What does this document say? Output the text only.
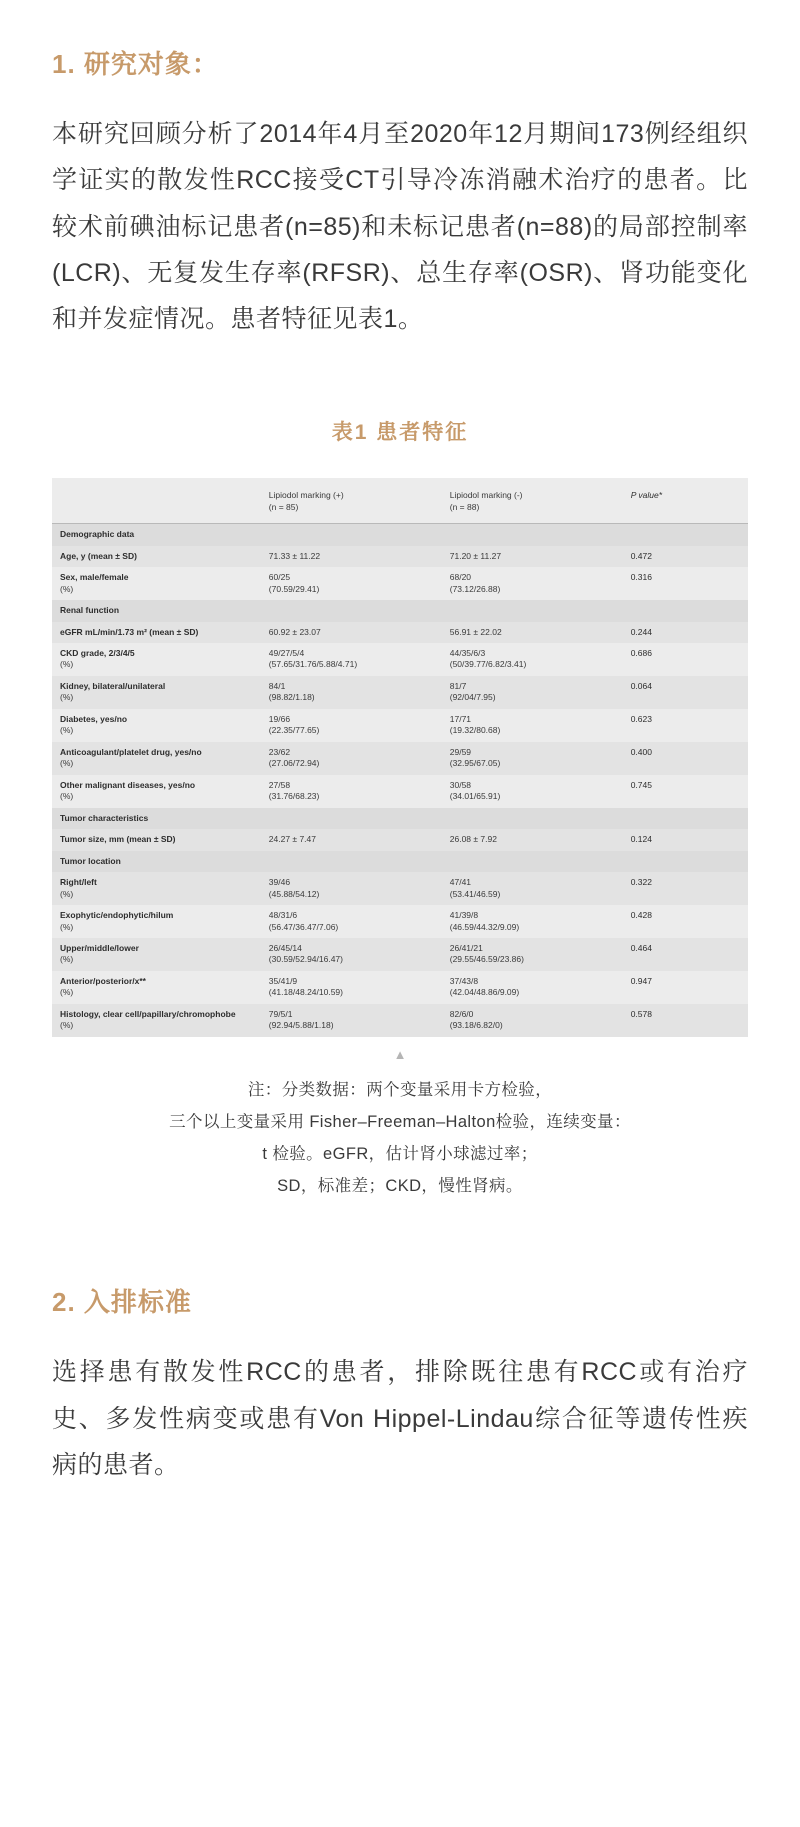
1. 研究对象：

本研究回顾分析了2014年4月至2020年12月期间173例经组织学证实的散发性RCC接受CT引导冷冻消融术治疗的患者。比较术前碘油标记患者(n=85)和未标记患者(n=88)的局部控制率(LCR)、无复发生存率(RFSR)、总生存率(OSR)、肾功能变化和并发症情况。患者特征见表1。

表1 患者特征

	Lipiodol marking (+)
(n = 85)	Lipiodol marking (-)
(n = 88)	P value*
Demographic data			
Age, y (mean ± SD)	71.33 ± 11.22	71.20 ± 11.27	0.472
Sex, male/female
(%)	60/25
(70.59/29.41)	68/20
(73.12/26.88)	0.316
Renal function			
eGFR mL/min/1.73 m² (mean ± SD)	60.92 ± 23.07	56.91 ± 22.02	0.244
CKD grade, 2/3/4/5
(%)	49/27/5/4
(57.65/31.76/5.88/4.71)	44/35/6/3
(50/39.77/6.82/3.41)	0.686
Kidney, bilateral/unilateral
(%)	84/1
(98.82/1.18)	81/7
(92/04/7.95)	0.064
Diabetes, yes/no
(%)	19/66
(22.35/77.65)	17/71
(19.32/80.68)	0.623
Anticoagulant/platelet drug, yes/no
(%)	23/62
(27.06/72.94)	29/59
(32.95/67.05)	0.400
Other malignant diseases, yes/no
(%)	27/58
(31.76/68.23)	30/58
(34.01/65.91)	0.745
Tumor characteristics			
Tumor size, mm (mean ± SD)	24.27 ± 7.47	26.08 ± 7.92	0.124
Tumor location			
Right/left
(%)	39/46
(45.88/54.12)	47/41
(53.41/46.59)	0.322
Exophytic/endophytic/hilum
(%)	48/31/6
(56.47/36.47/7.06)	41/39/8
(46.59/44.32/9.09)	0.428
Upper/middle/lower
(%)	26/45/14
(30.59/52.94/16.47)	26/41/21
(29.55/46.59/23.86)	0.464
Anterior/posterior/x**
(%)	35/41/9
(41.18/48.24/10.59)	37/43/8
(42.04/48.86/9.09)	0.947
Histology, clear cell/papillary/chromophobe
(%)	79/5/1
(92.94/5.88/1.18)	82/6/0
(93.18/6.82/0)	0.578
▲
注：分类数据：两个变量采用卡方检验，
三个以上变量采用 Fisher–Freeman–Halton检验，连续变量：
t 检验。eGFR，估计肾小球滤过率；
SD，标准差；CKD，慢性肾病。
2. 入排标准

选择患有散发性RCC的患者，排除既往患有RCC或有治疗史、多发性病变或患有Von Hippel-Lindau综合征等遗传性疾病的患者。
